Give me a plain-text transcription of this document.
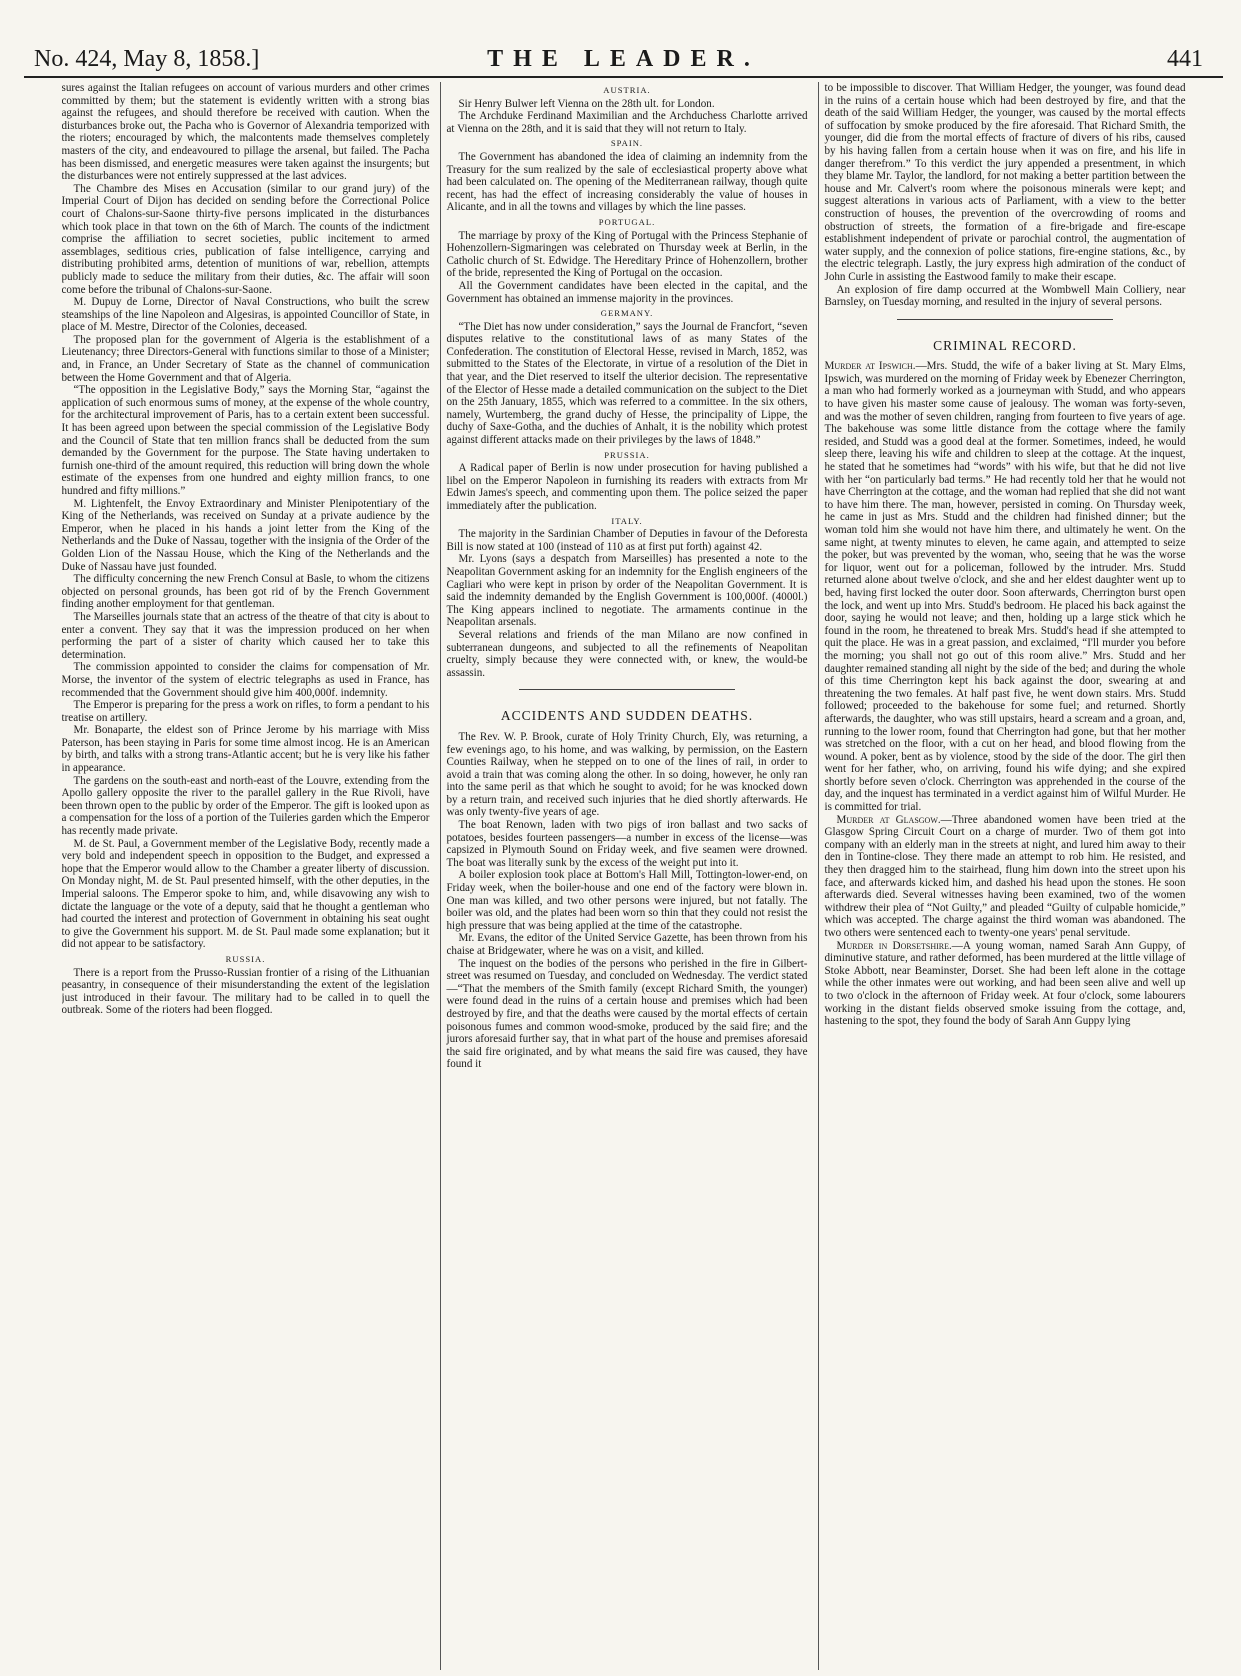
No. 424, May 8, 1858.]	THE LEADER.	441

sures against the Italian refugees on account of various murders and other crimes committed by them; but the statement is evidently written with a strong bias against the refugees, and should therefore be received with caution. When the disturbances broke out, the Pacha who is Governor of Alexandria temporized with the rioters; encouraged by which, the malcontents made themselves completely masters of the city, and endeavoured to pillage the arsenal, but failed. The Pacha has been dismissed, and energetic measures were taken against the insurgents; but the disturbances were not entirely suppressed at the last advices.

The Chambre des Mises en Accusation (similar to our grand jury) of the Imperial Court of Dijon has decided on sending before the Correctional Police court of Chalons-sur-Saone thirty-five persons implicated in the disturbances which took place in that town on the 6th of March. The counts of the indictment comprise the affiliation to secret societies, public incitement to armed assemblages, seditious cries, publication of false intelligence, carrying and distributing prohibited arms, detention of munitions of war, rebellion, attempts publicly made to seduce the military from their duties, &c. The affair will soon come before the tribunal of Chalons-sur-Saone.

M. Dupuy de Lorne, Director of Naval Constructions, who built the screw steamships of the line Napoleon and Algesiras, is appointed Councillor of State, in place of M. Mestre, Director of the Colonies, deceased.

The proposed plan for the government of Algeria is the establishment of a Lieutenancy; three Directors-General with functions similar to those of a Minister; and, in France, an Under Secretary of State as the channel of communication between the Home Government and that of Algeria.

“The opposition in the Legislative Body,” says the Morning Star, “against the application of such enormous sums of money, at the expense of the whole country, for the architectural improvement of Paris, has to a certain extent been successful. It has been agreed upon between the special commission of the Legislative Body and the Council of State that ten million francs shall be deducted from the sum demanded by the Government for the purpose. The State having undertaken to furnish one-third of the amount required, this reduction will bring down the whole estimate of the expenses from one hundred and eighty million francs, to one hundred and fifty millions.”

M. Lightenfelt, the Envoy Extraordinary and Minister Plenipotentiary of the King of the Netherlands, was received on Sunday at a private audience by the Emperor, when he placed in his hands a joint letter from the King of the Netherlands and the Duke of Nassau, together with the insignia of the Order of the Golden Lion of the Nassau House, which the King of the Netherlands and the Duke of Nassau have just founded.

The difficulty concerning the new French Consul at Basle, to whom the citizens objected on personal grounds, has been got rid of by the French Government finding another employment for that gentleman.

The Marseilles journals state that an actress of the theatre of that city is about to enter a convent. They say that it was the impression produced on her when performing the part of a sister of charity which caused her to take this determination.

The commission appointed to consider the claims for compensation of Mr. Morse, the inventor of the system of electric telegraphs as used in France, has recommended that the Government should give him 400,000f. indemnity.

The Emperor is preparing for the press a work on rifles, to form a pendant to his treatise on artillery.

Mr. Bonaparte, the eldest son of Prince Jerome by his marriage with Miss Paterson, has been staying in Paris for some time almost incog. He is an American by birth, and talks with a strong trans-Atlantic accent; but he is very like his father in appearance.

The gardens on the south-east and north-east of the Louvre, extending from the Apollo gallery opposite the river to the parallel gallery in the Rue Rivoli, have been thrown open to the public by order of the Emperor. The gift is looked upon as a compensation for the loss of a portion of the Tuileries garden which the Emperor has recently made private.

M. de St. Paul, a Government member of the Legislative Body, recently made a very bold and independent speech in opposition to the Budget, and expressed a hope that the Emperor would allow to the Chamber a greater liberty of discussion. On Monday night, M. de St. Paul presented himself, with the other deputies, in the Imperial saloons. The Emperor spoke to him, and, while disavowing any wish to dictate the language or the vote of a deputy, said that he thought a gentleman who had courted the interest and protection of Government in obtaining his seat ought to give the Government his support. M. de St. Paul made some explanation; but it did not appear to be satisfactory.

RUSSIA.

There is a report from the Prusso-Russian frontier of a rising of the Lithuanian peasantry, in consequence of their misunderstanding the extent of the legislation just introduced in their favour. The military had to be called in to quell the outbreak. Some of the rioters had been flogged.

AUSTRIA.

Sir Henry Bulwer left Vienna on the 28th ult. for London.

The Archduke Ferdinand Maximilian and the Archduchess Charlotte arrived at Vienna on the 28th, and it is said that they will not return to Italy.

SPAIN.

The Government has abandoned the idea of claiming an indemnity from the Treasury for the sum realized by the sale of ecclesiastical property above what had been calculated on. The opening of the Mediterranean railway, though quite recent, has had the effect of increasing considerably the value of houses in Alicante, and in all the towns and villages by which the line passes.

PORTUGAL.

The marriage by proxy of the King of Portugal with the Princess Stephanie of Hohenzollern-Sigmaringen was celebrated on Thursday week at Berlin, in the Catholic church of St. Edwidge. The Hereditary Prince of Hohenzollern, brother of the bride, represented the King of Portugal on the occasion.

All the Government candidates have been elected in the capital, and the Government has obtained an immense majority in the provinces.

GERMANY.

“The Diet has now under consideration,” says the Journal de Francfort, “seven disputes relative to the constitutional laws of as many States of the Confederation. The constitution of Electoral Hesse, revised in March, 1852, was submitted to the States of the Electorate, in virtue of a resolution of the Diet in that year, and the Diet reserved to itself the ulterior decision. The representative of the Elector of Hesse made a detailed communication on the subject to the Diet on the 25th January, 1855, which was referred to a committee. In the six others, namely, Wurtemberg, the grand duchy of Hesse, the principality of Lippe, the duchy of Saxe-Gotha, and the duchies of Anhalt, it is the nobility which protest against different attacks made on their privileges by the laws of 1848.”

PRUSSIA.

A Radical paper of Berlin is now under prosecution for having published a libel on the Emperor Napoleon in furnishing its readers with extracts from Mr Edwin James's speech, and commenting upon them. The police seized the paper immediately after the publication.

ITALY.

The majority in the Sardinian Chamber of Deputies in favour of the Deforesta Bill is now stated at 100 (instead of 110 as at first put forth) against 42.

Mr. Lyons (says a despatch from Marseilles) has presented a note to the Neapolitan Government asking for an indemnity for the English engineers of the Cagliari who were kept in prison by order of the Neapolitan Government. It is said the indemnity demanded by the English Government is 100,000f. (4000l.) The King appears inclined to negotiate. The armaments continue in the Neapolitan arsenals.

Several relations and friends of the man Milano are now confined in subterranean dungeons, and subjected to all the refinements of Neapolitan cruelty, simply because they were connected with, or knew, the would-be assassin.

ACCIDENTS AND SUDDEN DEATHS.

The Rev. W. P. Brook, curate of Holy Trinity Church, Ely, was returning, a few evenings ago, to his home, and was walking, by permission, on the Eastern Counties Railway, when he stepped on to one of the lines of rail, in order to avoid a train that was coming along the other. In so doing, however, he only ran into the same peril as that which he sought to avoid; for he was knocked down by a return train, and received such injuries that he died shortly afterwards. He was only twenty-five years of age.

The boat Renown, laden with two pigs of iron ballast and two sacks of potatoes, besides fourteen passengers—a number in excess of the license—was capsized in Plymouth Sound on Friday week, and five seamen were drowned. The boat was literally sunk by the excess of the weight put into it.

A boiler explosion took place at Bottom's Hall Mill, Tottington-lower-end, on Friday week, when the boiler-house and one end of the factory were blown in. One man was killed, and two other persons were injured, but not fatally. The boiler was old, and the plates had been worn so thin that they could not resist the high pressure that was being applied at the time of the catastrophe.

Mr. Evans, the editor of the United Service Gazette, has been thrown from his chaise at Bridgewater, where he was on a visit, and killed.

The inquest on the bodies of the persons who perished in the fire in Gilbert-street was resumed on Tuesday, and concluded on Wednesday. The verdict stated—“That the members of the Smith family (except Richard Smith, the younger) were found dead in the ruins of a certain house and premises which had been destroyed by fire, and that the deaths were caused by the mortal effects of certain poisonous fumes and common wood-smoke, produced by the said fire; and the jurors aforesaid further say, that in what part of the house and premises aforesaid the said fire originated, and by what means the said fire was caused, they have found it

to be impossible to discover. That William Hedger, the younger, was found dead in the ruins of a certain house which had been destroyed by fire, and that the death of the said William Hedger, the younger, was caused by the mortal effects of suffocation by smoke produced by the fire aforesaid. That Richard Smith, the younger, did die from the mortal effects of fracture of divers of his ribs, caused by his having fallen from a certain house when it was on fire, and his life in danger therefrom.” To this verdict the jury appended a presentment, in which they blame Mr. Taylor, the landlord, for not making a better partition between the house and Mr. Calvert's room where the poisonous minerals were kept; and suggest alterations in various acts of Parliament, with a view to the better construction of houses, the prevention of the overcrowding of rooms and obstruction of streets, the formation of a fire-brigade and fire-escape establishment independent of private or parochial control, the augmentation of water supply, and the connexion of police stations, fire-engine stations, &c., by the electric telegraph. Lastly, the jury express high admiration of the conduct of John Curle in assisting the Eastwood family to make their escape.

An explosion of fire damp occurred at the Wombwell Main Colliery, near Barnsley, on Tuesday morning, and resulted in the injury of several persons.

CRIMINAL RECORD.

Murder at Ipswich.—Mrs. Studd, the wife of a baker living at St. Mary Elms, Ipswich, was murdered on the morning of Friday week by Ebenezer Cherrington, a man who had formerly worked as a journeyman with Studd, and who appears to have given his master some cause of jealousy. The woman was forty-seven, and was the mother of seven children, ranging from fourteen to five years of age. The bakehouse was some little distance from the cottage where the family resided, and Studd was a good deal at the former. Sometimes, indeed, he would sleep there, leaving his wife and children to sleep at the cottage. At the inquest, he stated that he sometimes had “words” with his wife, but that he did not live with her “on particularly bad terms.” He had recently told her that he would not have Cherrington at the cottage, and the woman had replied that she did not want to have him there. The man, however, persisted in coming. On Thursday week, he came in just as Mrs. Studd and the children had finished dinner; but the woman told him she would not have him there, and ultimately he went. On the same night, at twenty minutes to eleven, he came again, and attempted to seize the poker, but was prevented by the woman, who, seeing that he was the worse for liquor, went out for a policeman, followed by the intruder. Mrs. Studd returned alone about twelve o'clock, and she and her eldest daughter went up to bed, having first locked the outer door. Soon afterwards, Cherrington burst open the lock, and went up into Mrs. Studd's bedroom. He placed his back against the door, saying he would not leave; and then, holding up a large stick which he found in the room, he threatened to break Mrs. Studd's head if she attempted to quit the place. He was in a great passion, and exclaimed, “I'll murder you before the morning; you shall not go out of this room alive.” Mrs. Studd and her daughter remained standing all night by the side of the bed; and during the whole of this time Cherrington kept his back against the door, swearing at and threatening the two females. At half past five, he went down stairs. Mrs. Studd followed; proceeded to the bakehouse for some fuel; and returned. Shortly afterwards, the daughter, who was still upstairs, heard a scream and a groan, and, running to the lower room, found that Cherrington had gone, but that her mother was stretched on the floor, with a cut on her head, and blood flowing from the wound. A poker, bent as by violence, stood by the side of the door. The girl then went for her father, who, on arriving, found his wife dying; and she expired shortly before seven o'clock. Cherrington was apprehended in the course of the day, and the inquest has terminated in a verdict against him of Wilful Murder. He is committed for trial.

Murder at Glasgow.—Three abandoned women have been tried at the Glasgow Spring Circuit Court on a charge of murder. Two of them got into company with an elderly man in the streets at night, and lured him away to their den in Tontine-close. They there made an attempt to rob him. He resisted, and they then dragged him to the stairhead, flung him down into the street upon his face, and afterwards kicked him, and dashed his head upon the stones. He soon afterwards died. Several witnesses having been examined, two of the women withdrew their plea of “Not Guilty,” and pleaded “Guilty of culpable homicide,” which was accepted. The charge against the third woman was abandoned. The two others were sentenced each to twenty-one years' penal servitude.

Murder in Dorsetshire.—A young woman, named Sarah Ann Guppy, of diminutive stature, and rather deformed, has been murdered at the little village of Stoke Abbott, near Beaminster, Dorset. She had been left alone in the cottage while the other inmates were out working, and had been seen alive and well up to two o'clock in the afternoon of Friday week. At four o'clock, some labourers working in the distant fields observed smoke issuing from the cottage, and, hastening to the spot, they found the body of Sarah Ann Guppy lying
